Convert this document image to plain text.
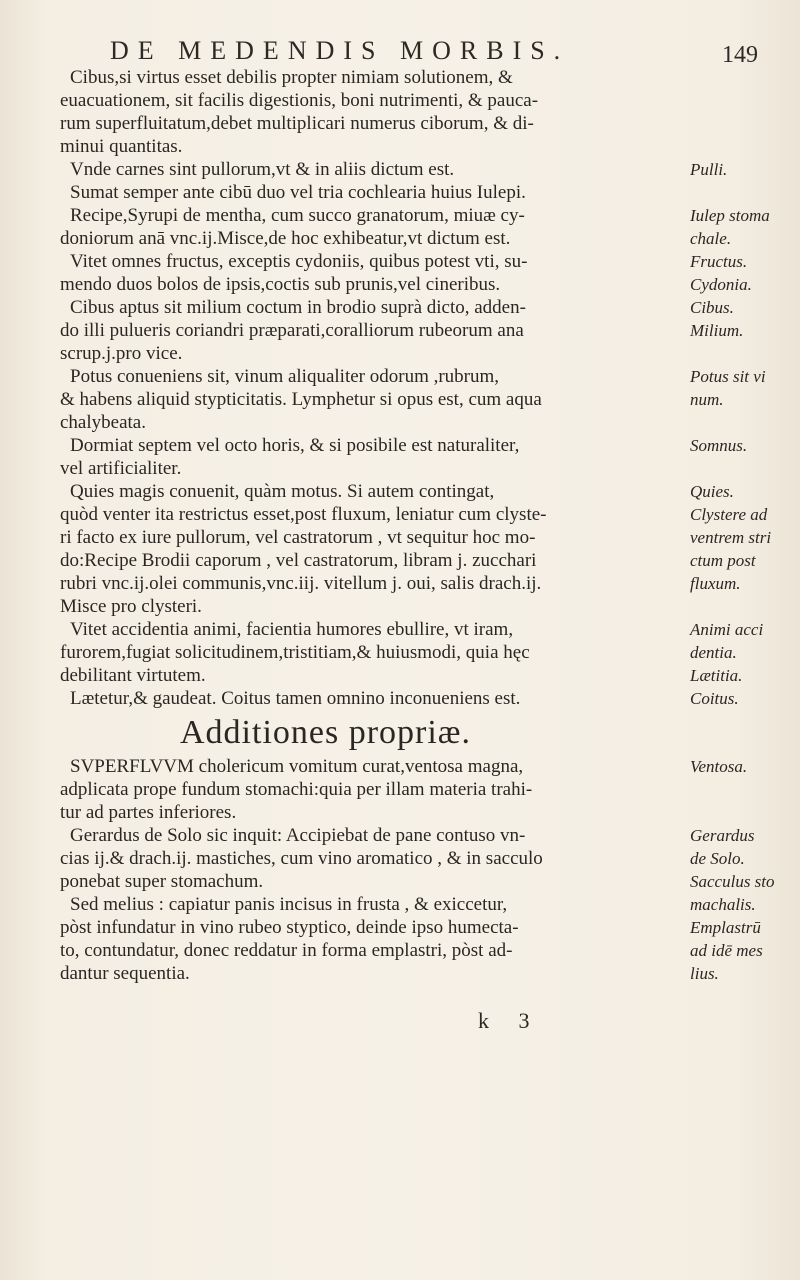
DE MEDENDIS MORBIS.	149
Cibus,si virtus esset debilis propter nimiam solutionem, &
euacuationem, sit facilis digestionis, boni nutrimenti, & pauca-
rum superfluitatum,debet multiplicari numerus ciborum, & di-
minui quantitas.
Vnde carnes sint pullorum,vt & in aliis dictum est.	Pulli.
Sumat semper ante cibū duo vel tria cochlearia huius Iulepi.
Recipe,Syrupi de mentha, cum succo granatorum, miuæ cy-	Iulep stoma
doniorum anā vnc.ij.Misce,de hoc exhibeatur,vt dictum est.	chale.
Vitet omnes fructus, exceptis cydoniis, quibus potest vti, su-	Fructus.
mendo duos bolos de ipsis,coctis sub prunis,vel cineribus.	Cydonia.
Cibus aptus sit milium coctum in brodio suprà dicto, adden-	Cibus.
do illi pulueris coriandri præparati,coralliorum rubeorum ana	Milium.
scrup.j.pro vice.
Potus conueniens sit, vinum aliqualiter odorum ,rubrum,	Potus sit vi
& habens aliquid stypticitatis. Lymphetur si opus est, cum aqua	num.
chalybeata.
Dormiat septem vel octo horis, & si posibile est naturaliter,	Somnus.
vel artificialiter.
Quies magis conuenit, quàm motus. Si autem contingat,	Quies.
quòd venter ita restrictus esset,post fluxum, leniatur cum clyste-	Clystere ad
ri facto ex iure pullorum, vel castratorum , vt sequitur hoc mo-	ventrem stri
do:Recipe Brodii caporum , vel castratorum, libram j. zucchari	ctum post
rubri vnc.ij.olei communis,vnc.iij. vitellum j. oui, salis drach.ij.	fluxum.
Misce pro clysteri.
Vitet accidentia animi, facientia humores ebullire, vt iram,	Animi acci
furorem,fugiat solicitudinem,tristitiam,& huiusmodi, quia hęc	dentia.
debilitant virtutem.	Lætitia.
Lætetur,& gaudeat. Coitus tamen omnino inconueniens est.	Coitus.
Additiones propriæ.
SVPERFLVVM cholericum vomitum curat,ventosa magna,	Ventosa.
adplicata prope fundum stomachi:quia per illam materia trahi-
tur ad partes inferiores.
Gerardus de Solo sic inquit: Accipiebat de pane contuso vn-	Gerardus
cias ij.& drach.ij. mastiches, cum vino aromatico , & in sacculo	de Solo.
ponebat super stomachum.	Sacculus sto
Sed melius : capiatur panis incisus in frusta , & exiccetur,	machalis.
pòst infundatur in vino rubeo styptico, deinde ipso humecta-	Emplastrū
to, contundatur, donec reddatur in forma emplastri, pòst ad-	ad idē mes
dantur sequentia.	lius.
k 3
